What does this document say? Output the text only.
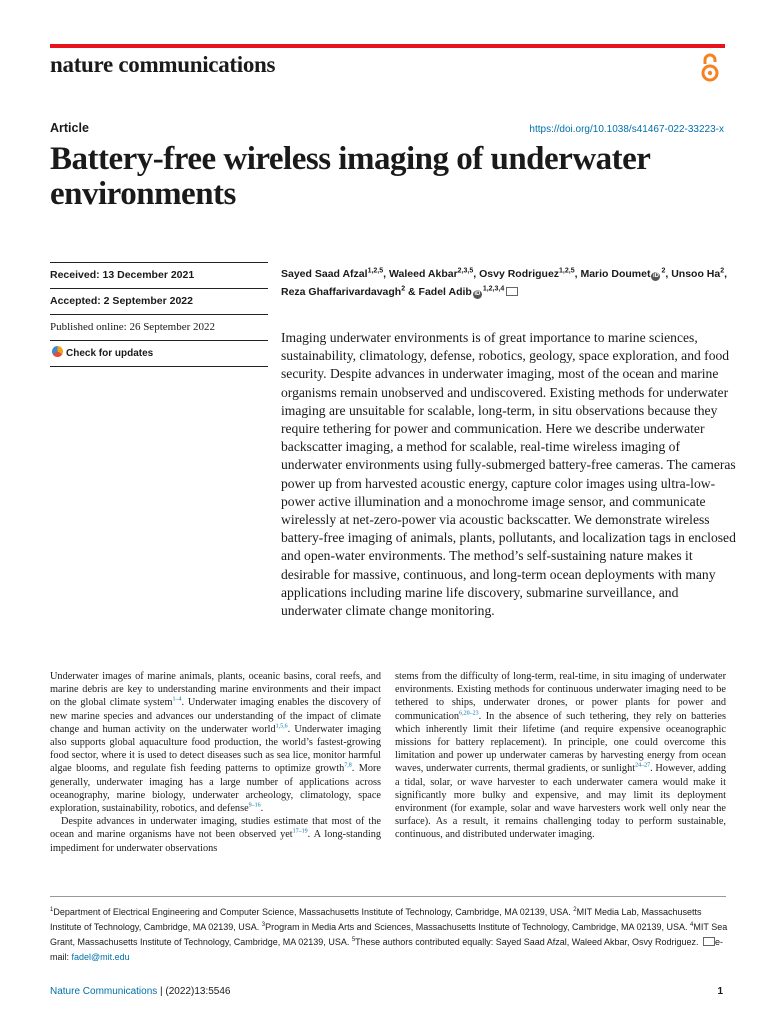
nature communications
Article	https://doi.org/10.1038/s41467-022-33223-x
Battery-free wireless imaging of underwater environments
Received: 13 December 2021
Accepted: 2 September 2022
Published online: 26 September 2022
Check for updates
Sayed Saad Afzal$^{1,2,5}$, Waleed Akbar$^{2,3,5}$, Osvy Rodriguez$^{1,2,5}$, Mario Doumet $iD^2$, Unsoo Ha$^2$, Reza Ghaffarivardavagh$^2$ & Fadel Adib iD$^{1,2,3,4}$

Imaging underwater environments is of great importance to marine sciences, sustainability, climatology, defense, robotics, geology, space exploration, and food security. Despite advances in underwater imaging, most of the ocean and marine organisms remain unobserved and undiscovered. Existing methods for underwater imaging are unsuitable for scalable, long-term, in situ observations because they require tethering for power and communication. Here we describe underwater backscatter imaging, a method for scalable, real-time wireless imaging of underwater environments using fully-submerged battery-free cameras. The cameras power up from harvested acoustic energy, capture color images using ultra-low-power active illumination and a monochrome image sensor, and communicate wirelessly at net-zero-power via acoustic backscatter. We demonstrate wireless battery-free imaging of animals, plants, pollutants, and localization tags in enclosed and open-water environments. The method’s self-sustaining nature makes it desirable for massive, continuous, and long-term ocean deployments with many applications including marine life discovery, submarine surveillance, and underwater climate change monitoring.

Underwater images of marine animals, plants, oceanic basins, coral reefs, and marine debris are key to understanding marine environments and their impact on the global climate system$^{1-4}$. Underwater imaging enables the discovery of new marine species and advances our understanding of the impact of climate change and human activity on the underwater world$^{1,5,6}$. Underwater imaging also supports global aquaculture food production, the world’s fastest-growing food sector, where it is used to detect diseases such as sea lice, monitor harmful algae blooms, and regulate fish feeding patterns to optimize growth$^{7,8}$. More generally, underwater imaging has a large number of applications across oceanography, marine biology, underwater archeology, climatology, space exploration, sustainability, robotics, and defense$^{9-16}$.

Despite advances in underwater imaging, studies estimate that most of the ocean and marine organisms have not been observed yet$^{17-19}$. A long-standing impediment for underwater observations

stems from the difficulty of long-term, real-time, in situ imaging of underwater environments. Existing methods for continuous underwater imaging need to be tethered to ships, underwater drones, or power plants for power and communication$^{6,20-23}$. In the absence of such tethering, they rely on batteries which inherently limit their lifetime (and require expensive oceanographic missions for battery replacement). In principle, one could overcome this limitation and power up underwater cameras by harvesting energy from ocean waves, underwater currents, thermal gradients, or sunlight$^{24-27}$. However, adding a tidal, solar, or wave harvester to each underwater camera would make it significantly more bulky and expensive, and may limit its deployment environment (for example, solar and wave harvesters work well only near the surface). As a result, it remains challenging today to perform sustainable, continuous, and distributed underwater imaging.

$^1$Department of Electrical Engineering and Computer Science, Massachusetts Institute of Technology, Cambridge, MA 02139, USA. $^2$MIT Media Lab, Massachusetts Institute of Technology, Cambridge, MA 02139, USA. $^3$Program in Media Arts and Sciences, Massachusetts Institute of Technology, Cambridge, MA 02139, USA. $^4$MIT Sea Grant, Massachusetts Institute of Technology, Cambridge, MA 02139, USA. $^5$These authors contributed equally: Sayed Saad Afzal, Waleed Akbar, Osvy Rodriguez. e-mail: fadel@mit.edu

Nature Communications | (2022)13:5546	1
